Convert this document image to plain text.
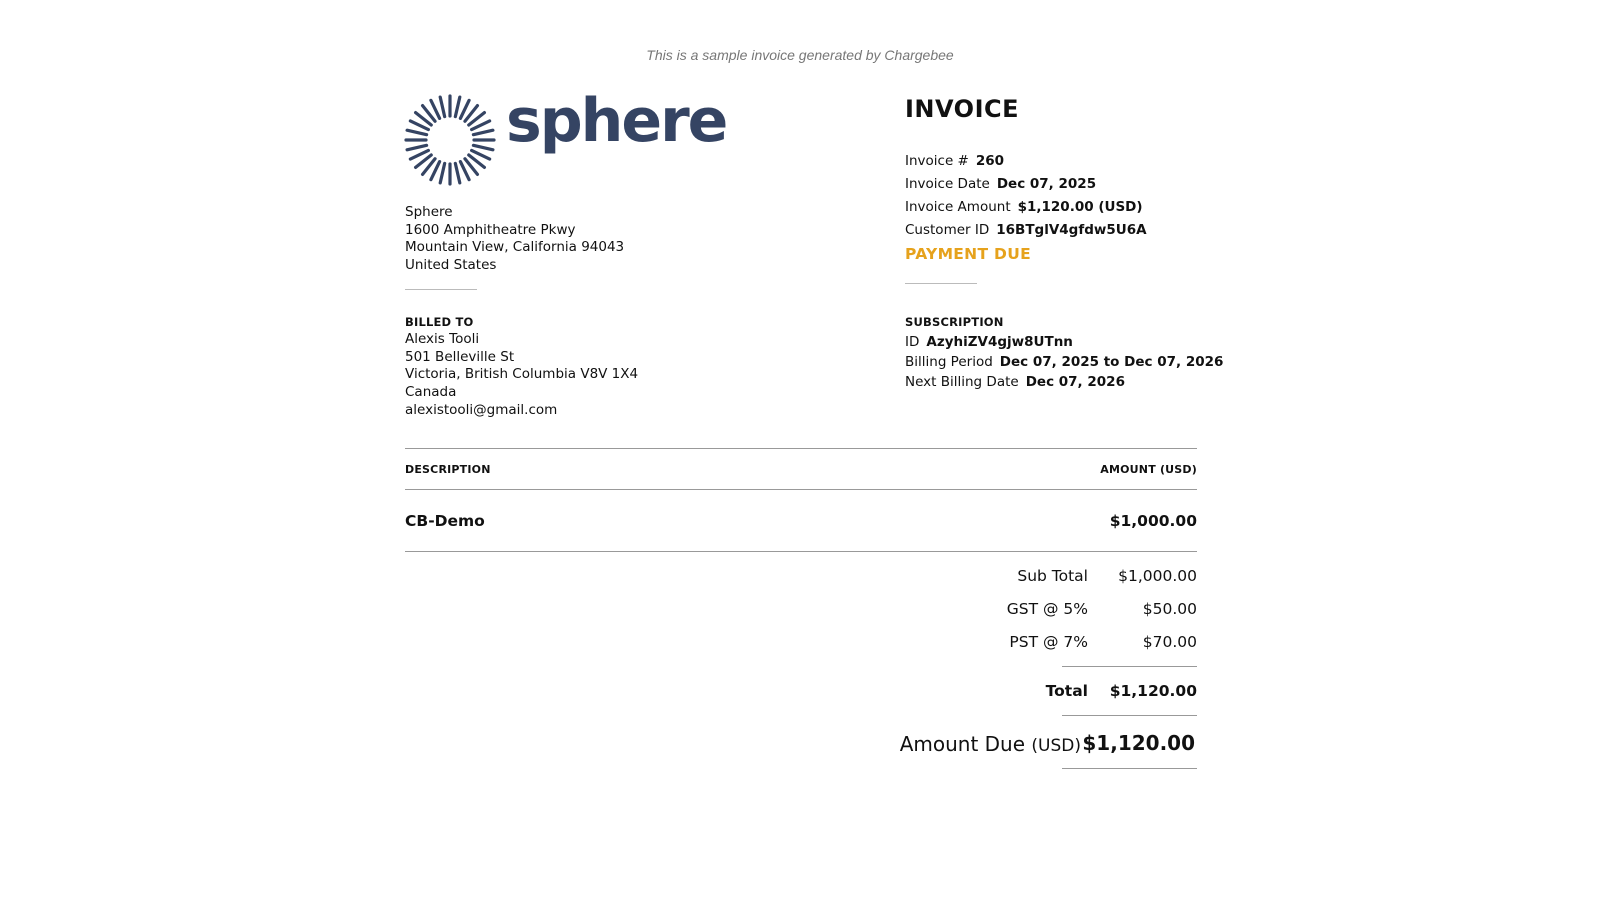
This is a sample invoice generated by Chargebee
sphere
Sphere
1600 Amphitheatre Pkwy
Mountain View, California 94043
United States
BILLED TO
Alexis Tooli
501 Belleville St
Victoria, British Columbia V8V 1X4
Canada
alexistooli@gmail.com
INVOICE
Invoice # 260
Invoice Date Dec 07, 2025
Invoice Amount $1,120.00 (USD)
Customer ID 16BTglV4gfdw5U6A
PAYMENT DUE
SUBSCRIPTION
ID AzyhiZV4gjw8UTnn
Billing Period Dec 07, 2025 to Dec 07, 2026
Next Billing Date Dec 07, 2026
DESCRIPTION	AMOUNT (USD)
CB-Demo	$1,000.00
Sub Total $1,000.00
GST @ 5%	$50.00
PST @ 7%	$70.00
Total $1,120.00
Amount Due (USD) $1,120.00
